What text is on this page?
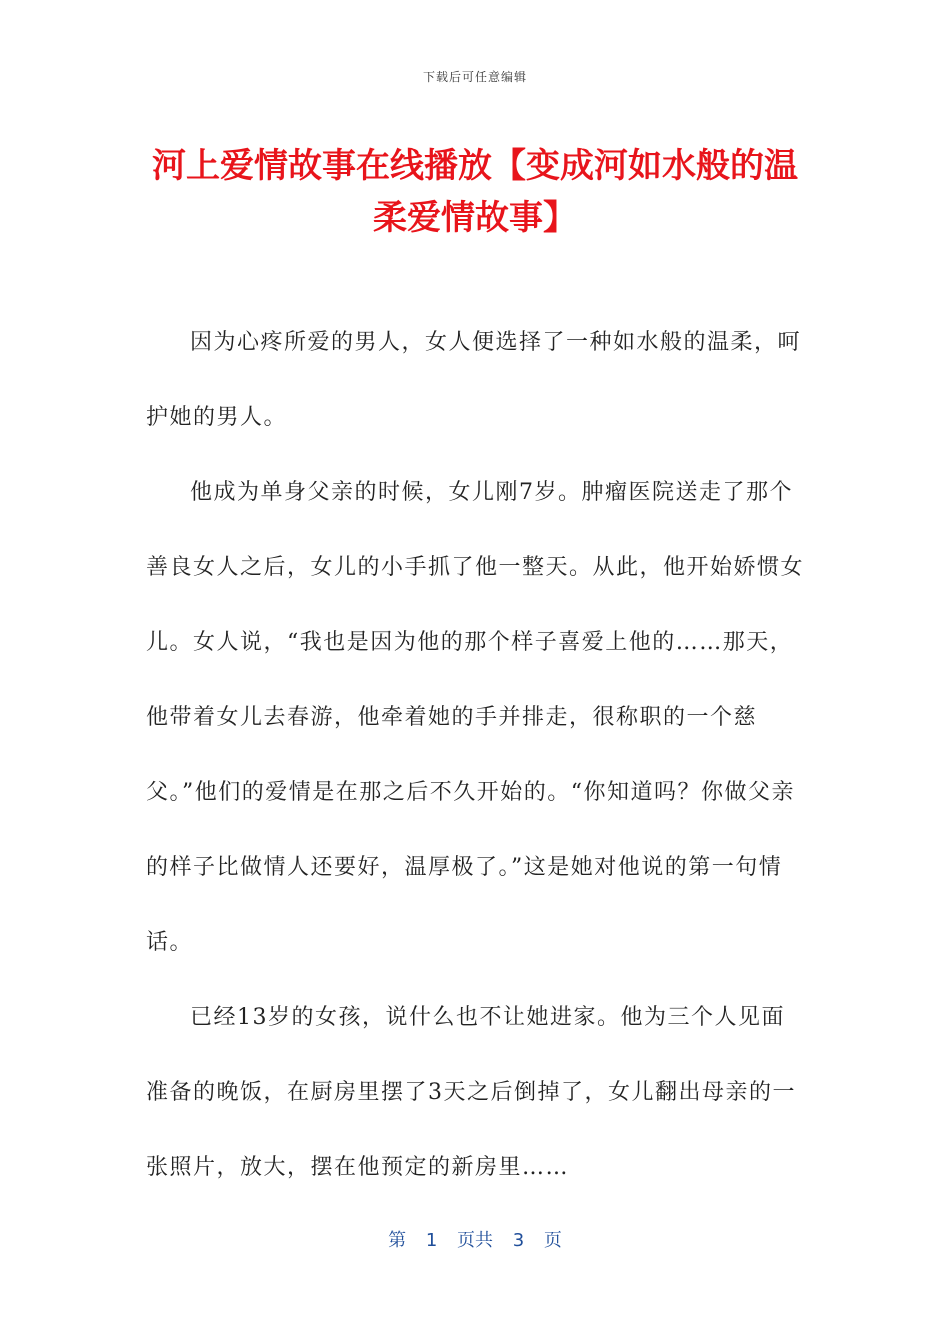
下载后可任意编辑
河上爱情故事在线播放【变成河如水般的温柔爱情故事】

因为心疼所爱的男人，女人便选择了一种如水般的温柔，呵护她的男人。

他成为单身父亲的时候，女儿刚7岁。肿瘤医院送走了那个善良女人之后，女儿的小手抓了他一整天。从此，他开始娇惯女儿。女人说，“我也是因为他的那个样子喜爱上他的……那天，他带着女儿去春游，他牵着她的手并排走，很称职的一个慈父。”他们的爱情是在那之后不久开始的。“你知道吗？你做父亲的样子比做情人还要好，温厚极了。”这是她对他说的第一句情话。

已经13岁的女孩，说什么也不让她进家。他为三个人见面准备的晚饭，在厨房里摆了3天之后倒掉了，女儿翻出母亲的一张照片，放大，摆在他预定的新房里……

第 1 页共 3 页
